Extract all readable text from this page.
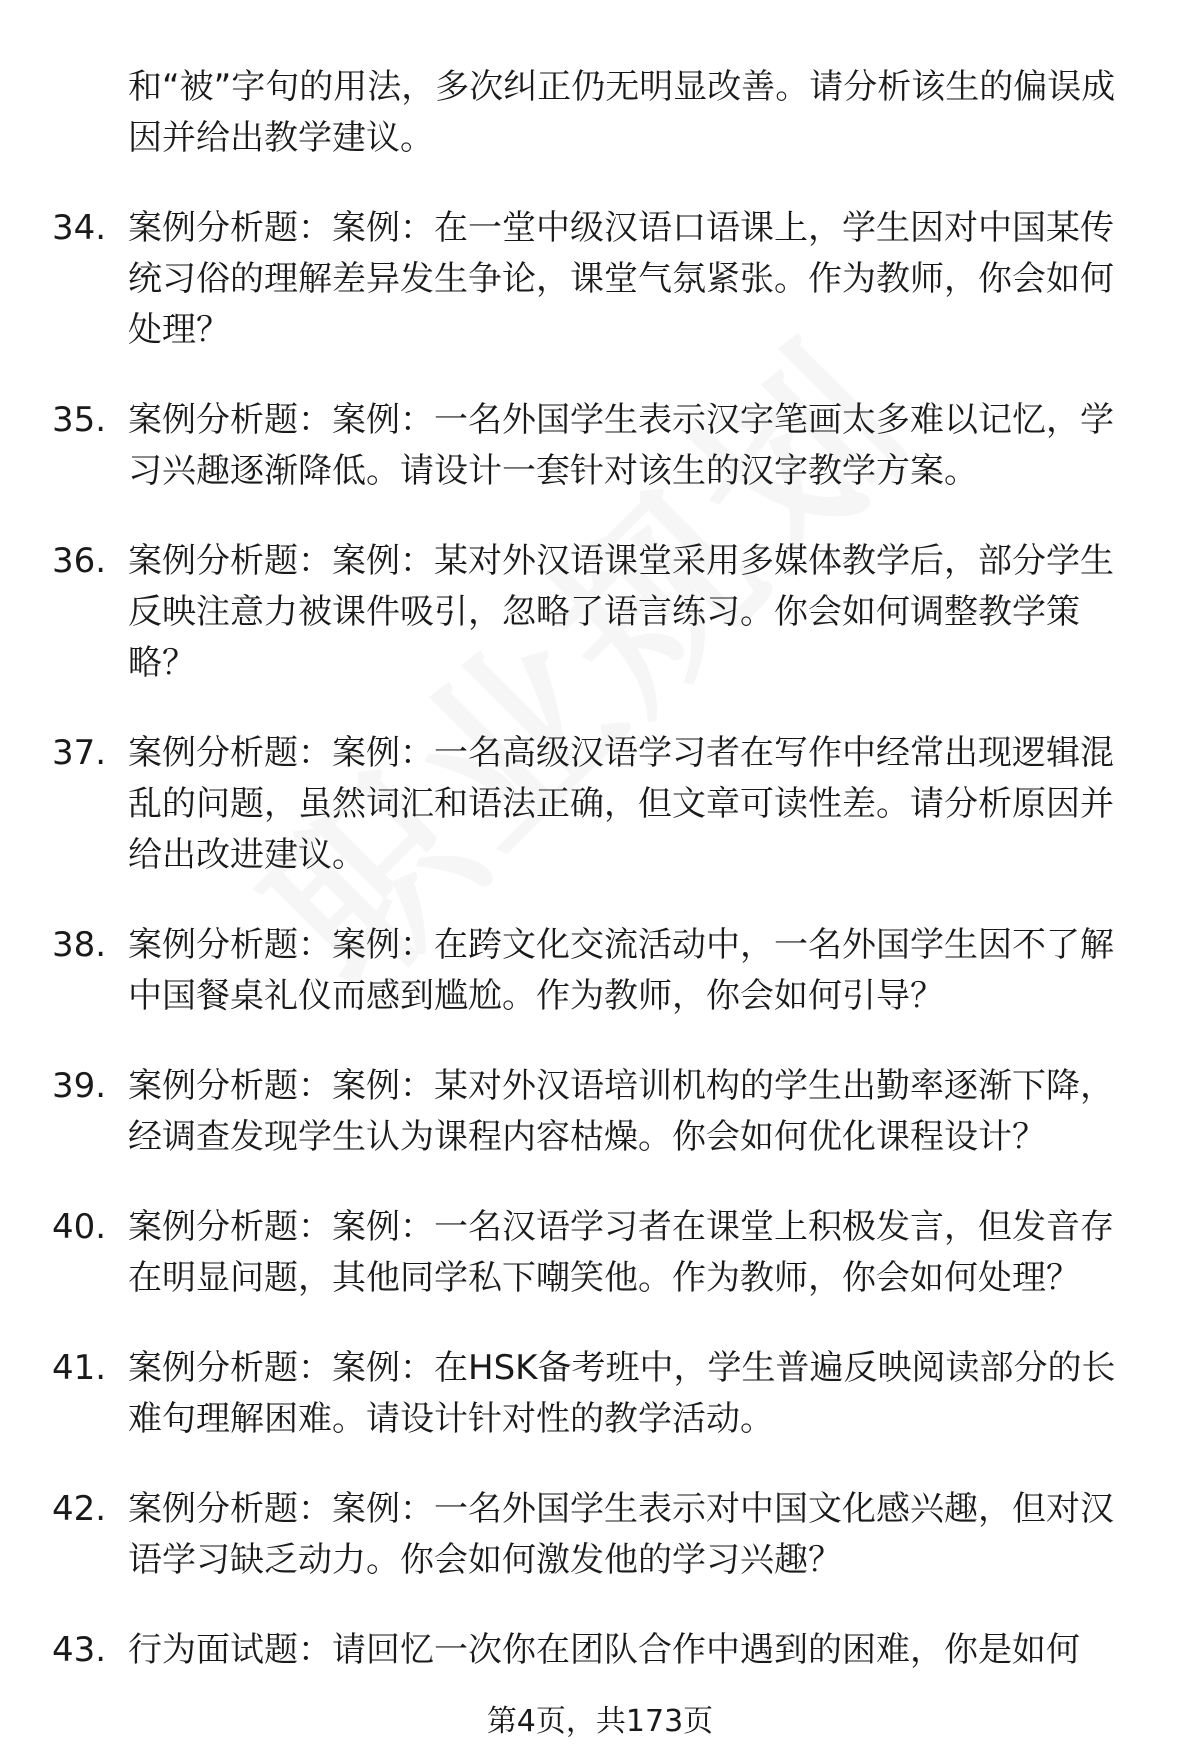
和“被”字句的用法，多次纠正仍无明显改善。请分析该生的偏误成因并给出教学建议。
34. 案例分析题：案例：在一堂中级汉语口语课上，学生因对中国某传统习俗的理解差异发生争论，课堂气氛紧张。作为教师，你会如何处理？
35. 案例分析题：案例：一名外国学生表示汉字笔画太多难以记忆，学习兴趣逐渐降低。请设计一套针对该生的汉字教学方案。
36. 案例分析题：案例：某对外汉语课堂采用多媒体教学后，部分学生反映注意力被课件吸引，忽略了语言练习。你会如何调整教学策略？
37. 案例分析题：案例：一名高级汉语学习者在写作中经常出现逻辑混乱的问题，虽然词汇和语法正确，但文章可读性差。请分析原因并给出改进建议。
38. 案例分析题：案例：在跨文化交流活动中，一名外国学生因不了解中国餐桌礼仪而感到尴尬。作为教师，你会如何引导？
39. 案例分析题：案例：某对外汉语培训机构的学生出勤率逐渐下降，经调查发现学生认为课程内容枯燥。你会如何优化课程设计？
40. 案例分析题：案例：一名汉语学习者在课堂上积极发言，但发音存在明显问题，其他同学私下嘲笑他。作为教师，你会如何处理？
41. 案例分析题：案例：在HSK备考班中，学生普遍反映阅读部分的长难句理解困难。请设计针对性的教学活动。
42. 案例分析题：案例：一名外国学生表示对中国文化感兴趣，但对汉语学习缺乏动力。你会如何激发他的学习兴趣？
43. 行为面试题：请回忆一次你在团队合作中遇到的困难，你是如何
第4页，共173页
